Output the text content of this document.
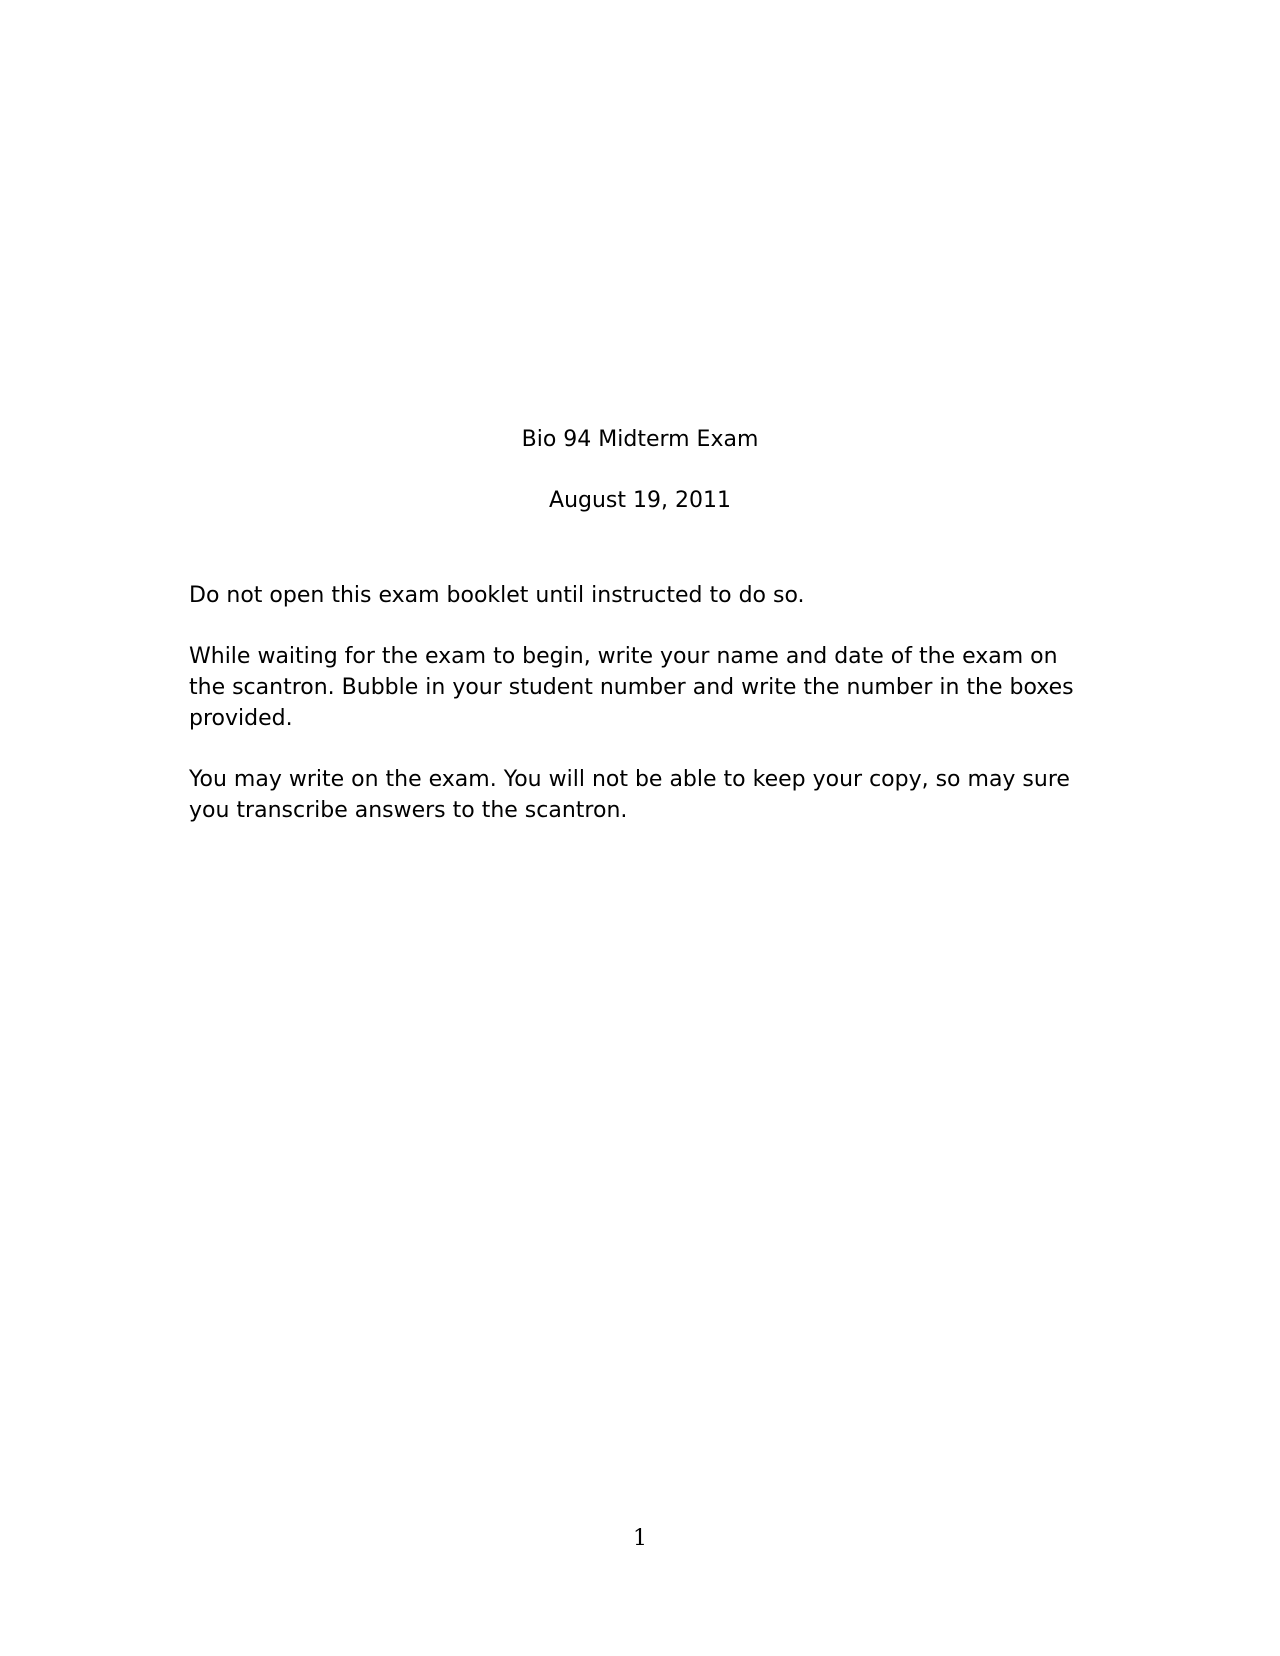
Bio 94 Midterm Exam

August 19, 2011

Do not open this exam booklet until instructed to do so.

While waiting for the exam to begin, write your name and date of the exam on the scantron. Bubble in your student number and write the number in the boxes provided.

You may write on the exam. You will not be able to keep your copy, so may sure you transcribe answers to the scantron.

1
